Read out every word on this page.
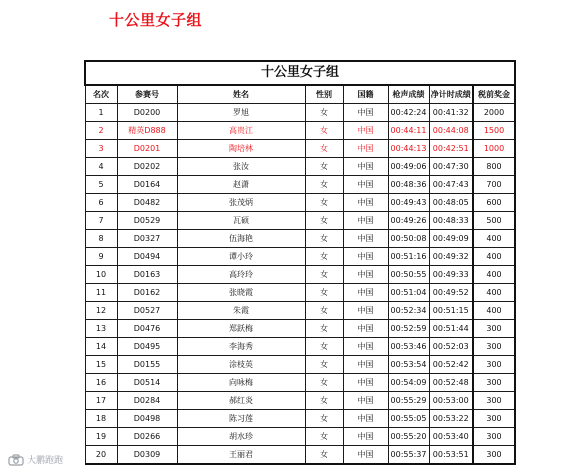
十公里女子组
十公里女子组							
名次	参赛号	姓名	性别	国籍	枪声成绩	净计时成绩	税前奖金
1	D0200	罗旭	女	中国	00:42:24	00:41:32	2000
2	精英D888	高贵江	女	中国	00:44:11	00:44:08	1500
3	D0201	陶培林	女	中国	00:44:13	00:42:51	1000
4	D0202	张汝	女	中国	00:49:06	00:47:30	800
5	D0164	赵潇	女	中国	00:48:36	00:47:43	700
6	D0482	张茂炳	女	中国	00:49:43	00:48:05	600
7	D0529	瓦硕	女	中国	00:49:26	00:48:33	500
8	D0327	伍海艳	女	中国	00:50:08	00:49:09	400
9	D0494	谭小玲	女	中国	00:51:16	00:49:32	400
10	D0163	高玲玲	女	中国	00:50:55	00:49:33	400
11	D0162	张晓霞	女	中国	00:51:04	00:49:52	400
12	D0527	朱霞	女	中国	00:52:34	00:51:15	400
13	D0476	郑跃梅	女	中国	00:52:59	00:51:44	300
14	D0495	李海秀	女	中国	00:53:46	00:52:03	300
15	D0155	涂枝英	女	中国	00:53:54	00:52:42	300
16	D0514	向咏梅	女	中国	00:54:09	00:52:48	300
17	D0284	郝红炎	女	中国	00:55:29	00:53:00	300
18	D0498	陈习莲	女	中国	00:55:05	00:53:22	300
19	D0266	胡水珍	女	中国	00:55:20	00:53:40	300
20	D0309	王丽君	女	中国	00:55:37	00:53:51	300
大鹏跑跑
